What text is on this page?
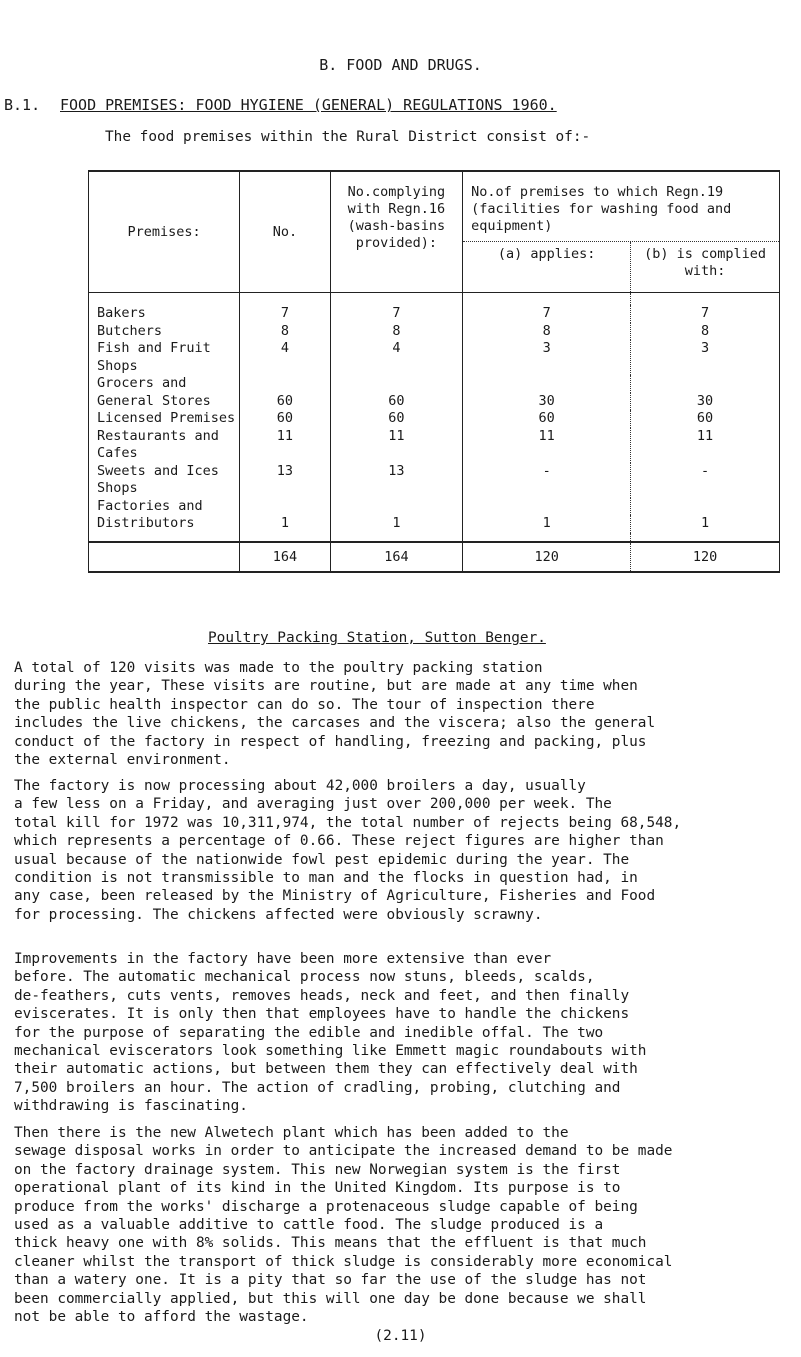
B. FOOD AND DRUGS.
B.1. FOOD PREMISES: FOOD HYGIENE (GENERAL) REGULATIONS 1960.
The food premises within the Rural District consist of:-
Premises:	No.	No.complying with Regn.16 (wash-basins provided):	No.of premises to which Regn.19 (facilities for washing food and equipment)	
			(a) applies:	(b) is complied with:

Bakers	7	7	7	7
Butchers	8	8	8	8
Fish and Fruit Shops	4	4	3	3
Grocers and				
General Stores	60	60	30	30
Licensed Premises	60	60	60	60
Restaurants and Cafes	11	11	11	11
Sweets and Ices Shops	13	13	-	-
Factories and				
Distributors	1	1	1	1

	164	164	120	120
Poultry Packing Station, Sutton Benger.
A total of 120 visits was made to the poultry packing station
during the year, These visits are routine, but are made at any time when
the public health inspector can do so. The tour of inspection there
includes the live chickens, the carcases and the viscera; also the general
conduct of the factory in respect of handling, freezing and packing, plus
the external environment.
The factory is now processing about 42,000 broilers a day, usually
a few less on a Friday, and averaging just over 200,000 per week. The
total kill for 1972 was 10,311,974, the total number of rejects being 68,548,
which represents a percentage of 0.66. These reject figures are higher than
usual because of the nationwide fowl pest epidemic during the year. The
condition is not transmissible to man and the flocks in question had, in
any case, been released by the Ministry of Agriculture, Fisheries and Food
for processing. The chickens affected were obviously scrawny.
Improvements in the factory have been more extensive than ever
before. The automatic mechanical process now stuns, bleeds, scalds,
de-feathers, cuts vents, removes heads, neck and feet, and then finally
eviscerates. It is only then that employees have to handle the chickens
for the purpose of separating the edible and inedible offal. The two
mechanical eviscerators look something like Emmett magic roundabouts with
their automatic actions, but between them they can effectively deal with
7,500 broilers an hour. The action of cradling, probing, clutching and
withdrawing is fascinating.
Then there is the new Alwetech plant which has been added to the
sewage disposal works in order to anticipate the increased demand to be made
on the factory drainage system. This new Norwegian system is the first
operational plant of its kind in the United Kingdom. Its purpose is to
produce from the works' discharge a protenaceous sludge capable of being
used as a valuable additive to cattle food. The sludge produced is a
thick heavy one with 8% solids. This means that the effluent is that much
cleaner whilst the transport of thick sludge is considerably more economical
than a watery one. It is a pity that so far the use of the sludge has not
been commercially applied, but this will one day be done because we shall
not be able to afford the wastage.
(2.11)
